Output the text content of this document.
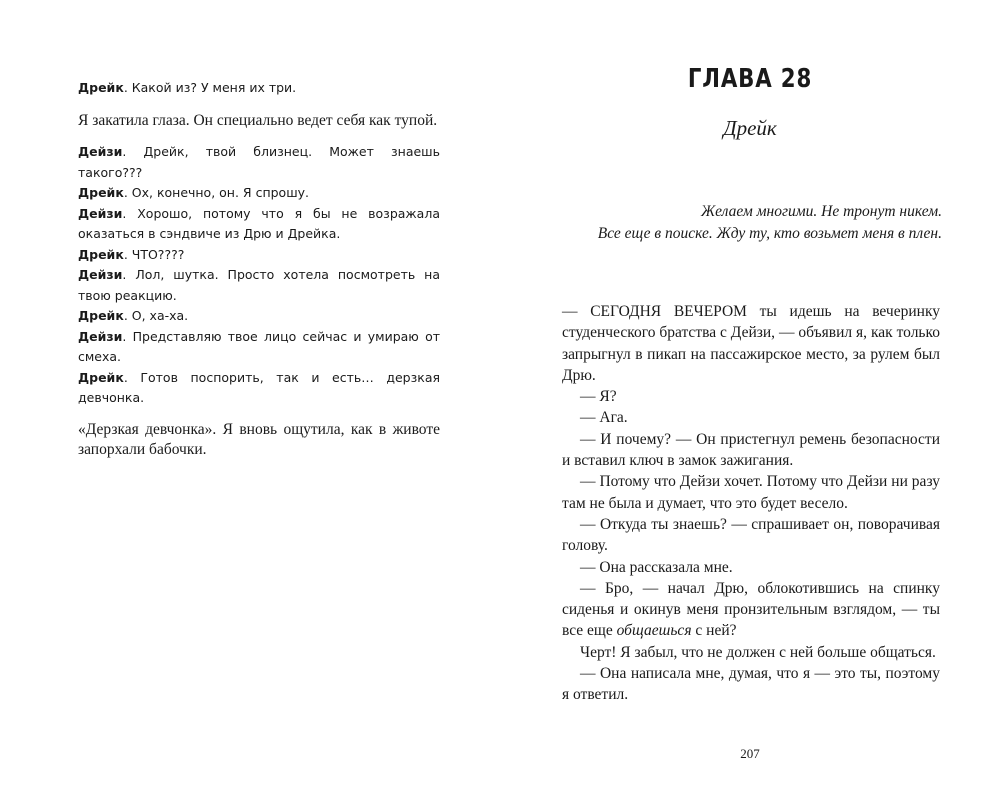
Дрейк. Какой из? У меня их три.

Я закатила глаза. Он специально ведет себя как тупой.

Дейзи. Дрейк, твой близнец. Может знаешь такого???

Дрейк. Ох, конечно, он. Я спрошу.

Дейзи. Хорошо, потому что я бы не возражала оказаться в сэндвиче из Дрю и Дрейка.

Дрейк. ЧТО????

Дейзи. Лол, шутка. Просто хотела посмотреть на твою реакцию.

Дрейк. О, ха-ха.

Дейзи. Представляю твое лицо сейчас и умираю от смеха.

Дрейк. Готов поспорить, так и есть… дерзкая девчонка.

«Дерзкая девчонка». Я вновь ощутила, как в животе запорхали бабочки.

ГЛАВА 28
Дрейк
Желаем многими. Не тронут никем.
Все еще в поиске. Жду ту, кто возьмет меня в плен.

— СЕГОДНЯ ВЕЧЕРОМ ты идешь на вечеринку студенческого братства с Дейзи, — объявил я, как только запрыгнул в пикап на пассажирское место, за рулем был Дрю.

— Я?

— Ага.

— И почему? — Он пристегнул ремень безопасности и вставил ключ в замок зажигания.

— Потому что Дейзи хочет. Потому что Дейзи ни разу там не была и думает, что это будет весело.

— Откуда ты знаешь? — спрашивает он, поворачивая голову.

— Она рассказала мне.

— Бро, — начал Дрю, облокотившись на спинку сиденья и окинув меня пронзительным взглядом, — ты все еще общаешься с ней?

Черт! Я забыл, что не должен с ней больше общаться.

— Она написала мне, думая, что я — это ты, поэтому я ответил.

207
